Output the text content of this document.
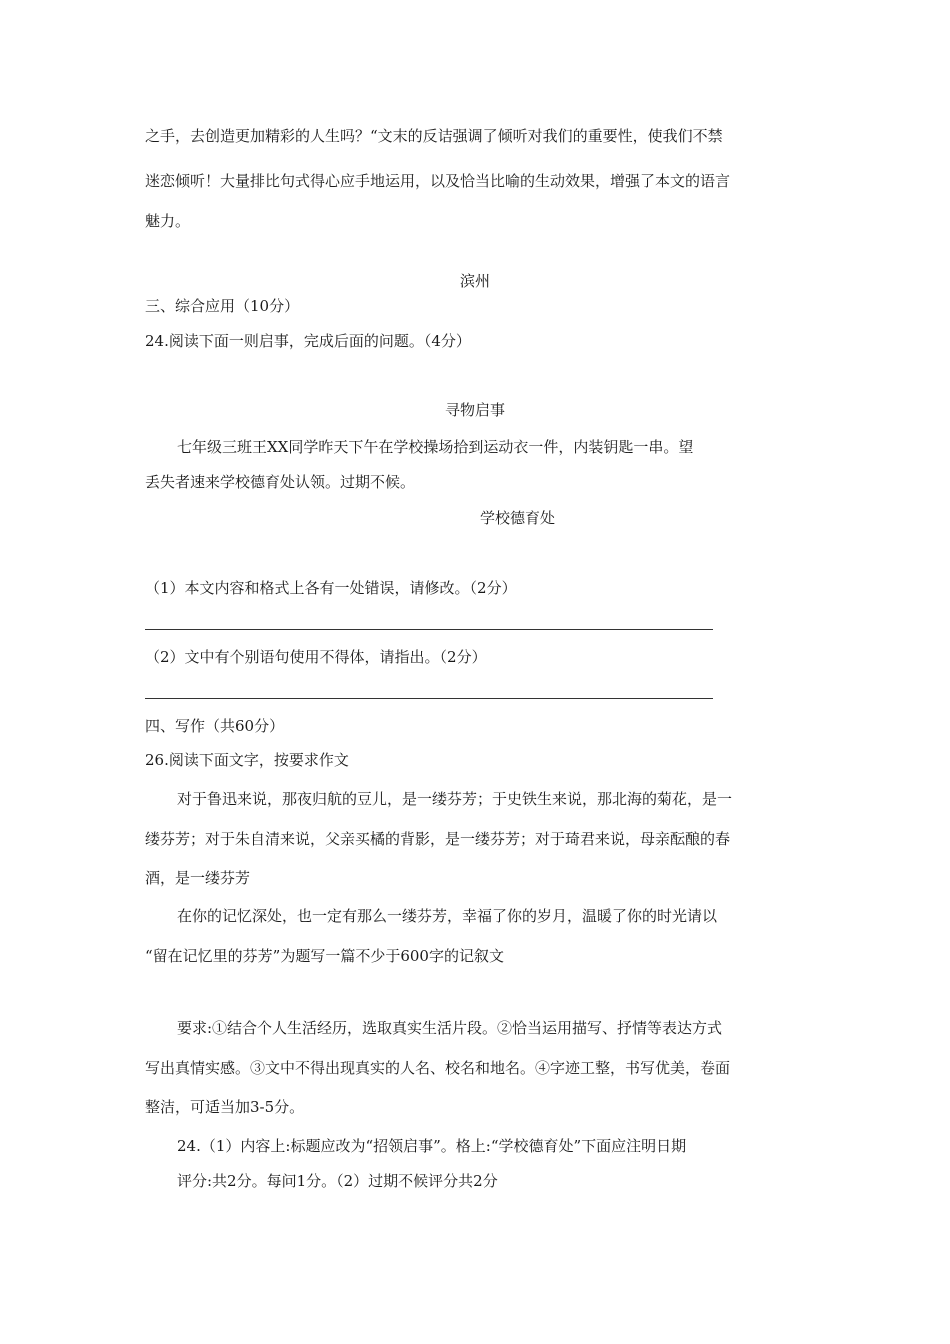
之手，去创造更加精彩的人生吗？“文末的反诘强调了倾听对我们的重要性，使我们不禁
迷恋倾听！大量排比句式得心应手地运用，以及恰当比喻的生动效果，增强了本文的语言
魅力。
滨州
三、综合应用（10分）
24.阅读下面一则启事，完成后面的问题。（4分）
寻物启事
七年级三班王XX同学昨天下午在学校操场拾到运动衣一件，内装钥匙一串。望
丢失者速来学校德育处认领。过期不候。
学校德育处
（1）本文内容和格式上各有一处错误，请修改。（2分）
（2）文中有个别语句使用不得体，请指出。（2分）
四、写作（共60分）
26.阅读下面文字，按要求作文
对于鲁迅来说，那夜归航的豆儿，是一缕芬芳；于史铁生来说，那北海的菊花，是一
缕芬芳；对于朱自清来说，父亲买橘的背影，是一缕芬芳；对于琦君来说，母亲酝酿的春
酒，是一缕芬芳
在你的记忆深处，也一定有那么一缕芬芳，幸福了你的岁月，温暖了你的时光请以
“留在记忆里的芬芳”为题写一篇不少于600字的记叙文
要求:①结合个人生活经历，选取真实生活片段。②恰当运用描写、抒情等表达方式
写出真情实感。③文中不得出现真实的人名、校名和地名。④字迹工整，书写优美，卷面
整洁，可适当加3-5分。
24.（1）内容上:标题应改为“招领启事”。格上:“学校德育处”下面应注明日期
评分:共2分。每问1分。（2）过期不候评分共2分
